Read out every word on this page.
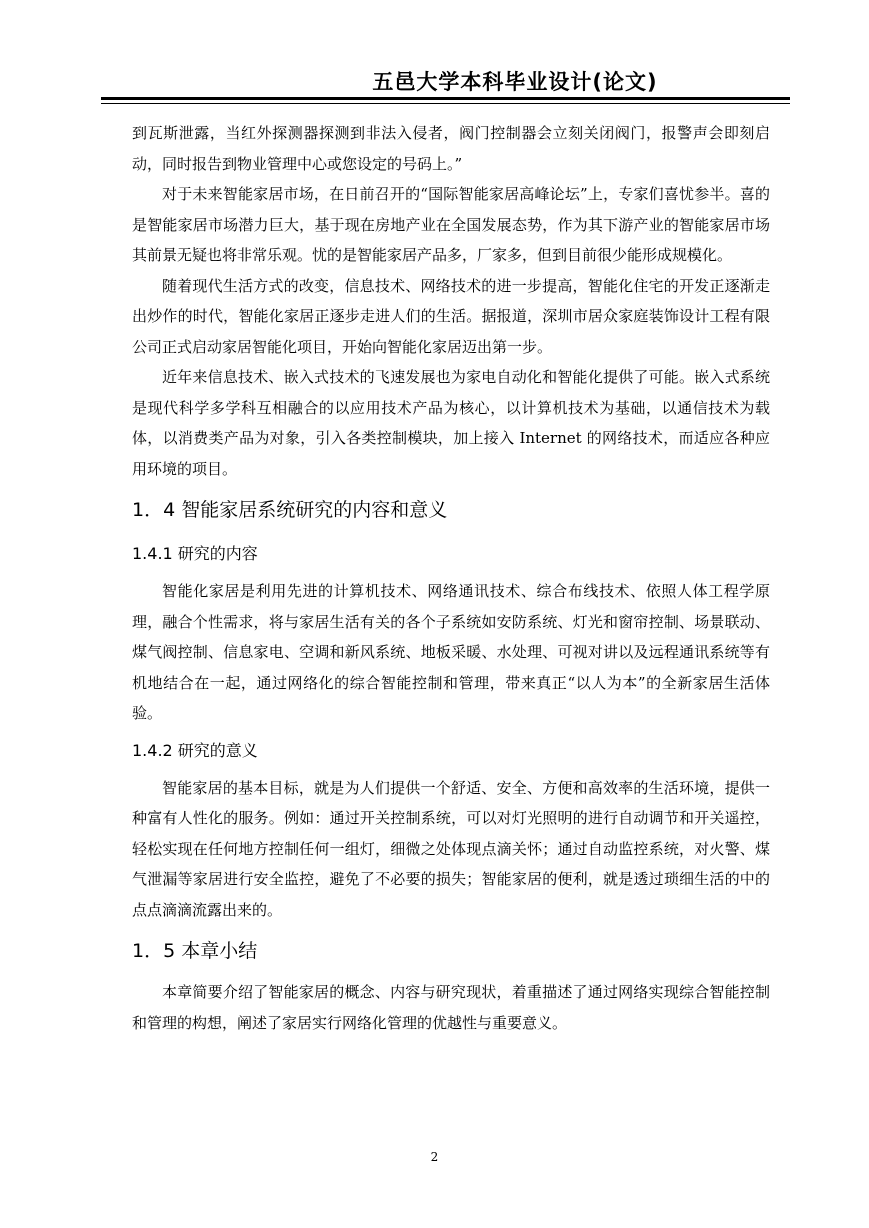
五邑大学本科毕业设计(论文)

到瓦斯泄露，当红外探测器探测到非法入侵者，阀门控制器会立刻关闭阀门，报警声会即刻启动，同时报告到物业管理中心或您设定的号码上。”

对于未来智能家居市场，在日前召开的“国际智能家居高峰论坛”上，专家们喜忧参半。喜的是智能家居市场潜力巨大，基于现在房地产业在全国发展态势，作为其下游产业的智能家居市场其前景无疑也将非常乐观。忧的是智能家居产品多，厂家多，但到目前很少能形成规模化。

随着现代生活方式的改变，信息技术、网络技术的进一步提高，智能化住宅的开发正逐渐走出炒作的时代，智能化家居正逐步走进人们的生活。据报道，深圳市居众家庭装饰设计工程有限公司正式启动家居智能化项目，开始向智能化家居迈出第一步。

近年来信息技术、嵌入式技术的飞速发展也为家电自动化和智能化提供了可能。嵌入式系统是现代科学多学科互相融合的以应用技术产品为核心，以计算机技术为基础，以通信技术为载体，以消费类产品为对象，引入各类控制模块，加上接入 Internet 的网络技术，而适应各种应用环境的项目。

1．4 智能家居系统研究的内容和意义
1.4.1 研究的内容

智能化家居是利用先进的计算机技术、网络通讯技术、综合布线技术、依照人体工程学原理，融合个性需求，将与家居生活有关的各个子系统如安防系统、灯光和窗帘控制、场景联动、煤气阀控制、信息家电、空调和新风系统、地板采暖、水处理、可视对讲以及远程通讯系统等有机地结合在一起，通过网络化的综合智能控制和管理，带来真正“以人为本”的全新家居生活体验。

1.4.2 研究的意义

智能家居的基本目标，就是为人们提供一个舒适、安全、方便和高效率的生活环境，提供一种富有人性化的服务。例如：通过开关控制系统，可以对灯光照明的进行自动调节和开关遥控，轻松实现在任何地方控制任何一组灯，细微之处体现点滴关怀；通过自动监控系统，对火警、煤气泄漏等家居进行安全监控，避免了不必要的损失；智能家居的便利，就是透过琐细生活的中的点点滴滴流露出来的。

1．5 本章小结

本章简要介绍了智能家居的概念、内容与研究现状，着重描述了通过网络实现综合智能控制和管理的构想，阐述了家居实行网络化管理的优越性与重要意义。

2
